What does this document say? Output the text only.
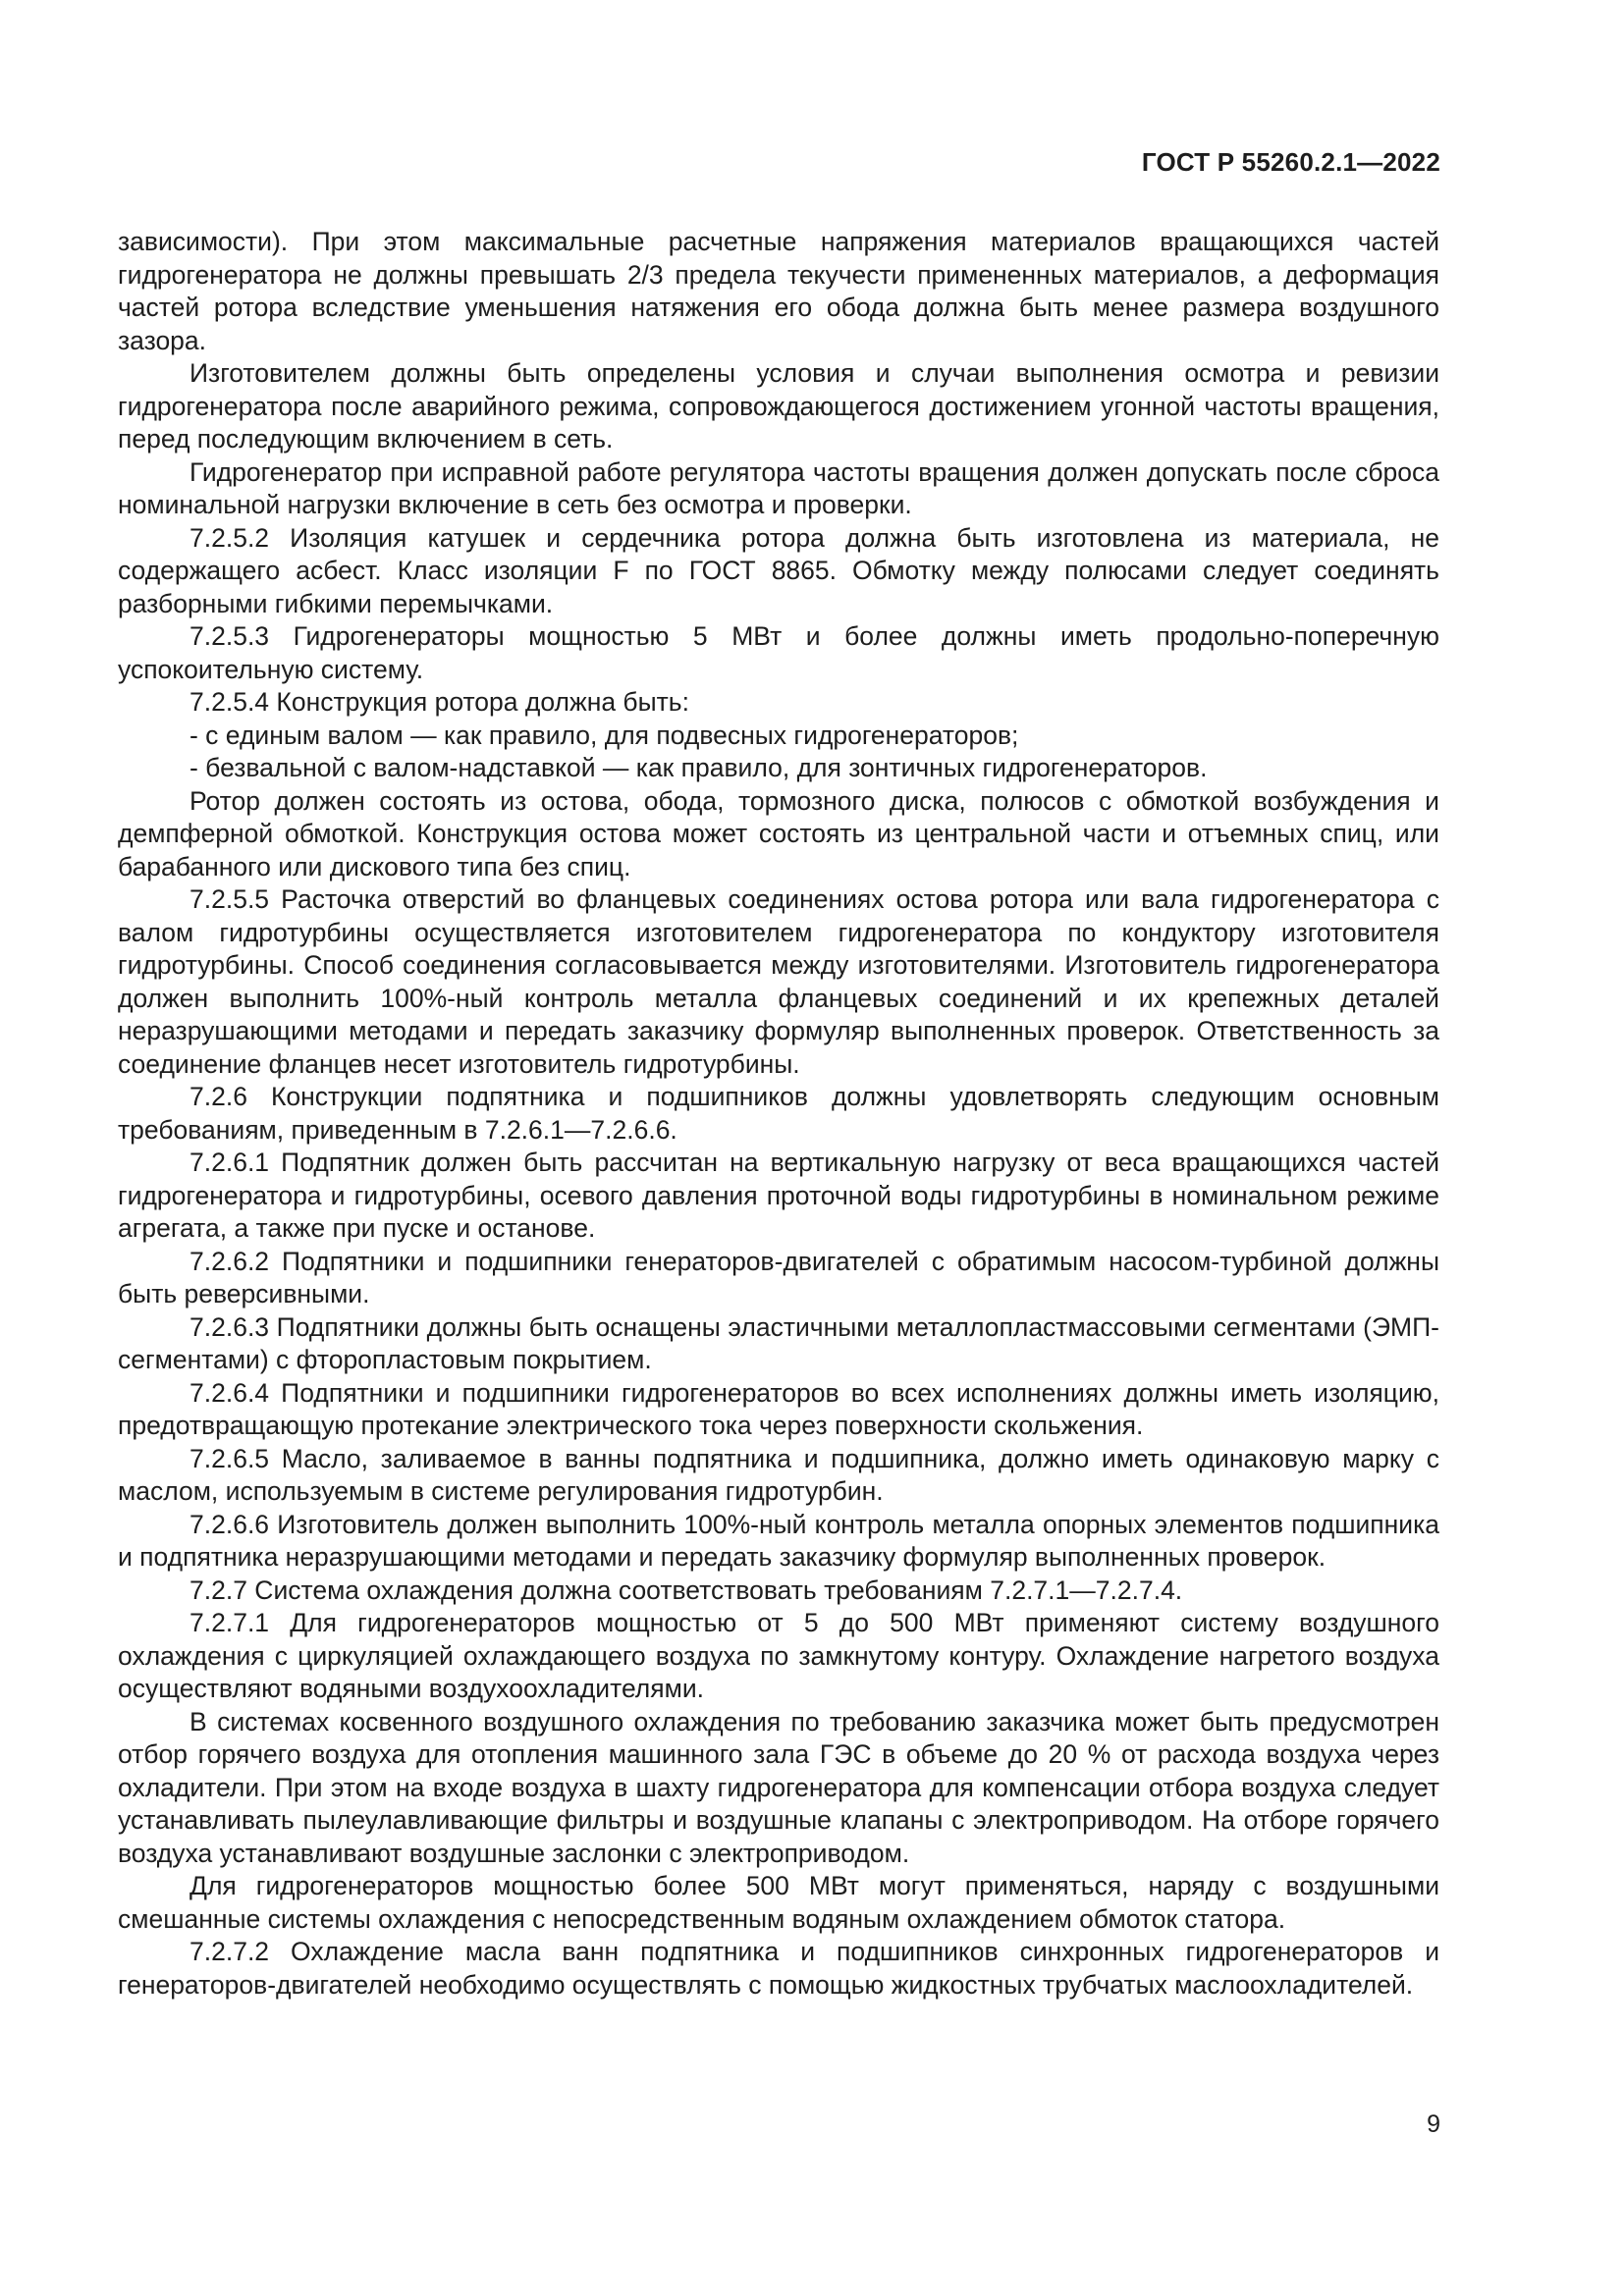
ГОСТ Р 55260.2.1—2022

зависимости). При этом максимальные расчетные напряжения материалов вращающихся частей гидрогенератора не должны превышать 2/3 предела текучести примененных материалов, а деформация частей ротора вследствие уменьшения натяжения его обода должна быть менее размера воздушного зазора.

Изготовителем должны быть определены условия и случаи выполнения осмотра и ревизии гидрогенератора после аварийного режима, сопровождающегося достижением угонной частоты вращения, перед последующим включением в сеть.

Гидрогенератор при исправной работе регулятора частоты вращения должен допускать после сброса номинальной нагрузки включение в сеть без осмотра и проверки.

7.2.5.2 Изоляция катушек и сердечника ротора должна быть изготовлена из материала, не содержащего асбест. Класс изоляции F по ГОСТ 8865. Обмотку между полюсами следует соединять разборными гибкими перемычками.

7.2.5.3 Гидрогенераторы мощностью 5 МВт и более должны иметь продольно-поперечную успокоительную систему.

7.2.5.4 Конструкция ротора должна быть:

- с единым валом — как правило, для подвесных гидрогенераторов;

- безвальной с валом-надставкой — как правило, для зонтичных гидрогенераторов.

Ротор должен состоять из остова, обода, тормозного диска, полюсов с обмоткой возбуждения и демпферной обмоткой. Конструкция остова может состоять из центральной части и отъемных спиц, или барабанного или дискового типа без спиц.

7.2.5.5 Расточка отверстий во фланцевых соединениях остова ротора или вала гидрогенератора с валом гидротурбины осуществляется изготовителем гидрогенератора по кондуктору изготовителя гидротурбины. Способ соединения согласовывается между изготовителями. Изготовитель гидрогенератора должен выполнить 100%-ный контроль металла фланцевых соединений и их крепежных деталей неразрушающими методами и передать заказчику формуляр выполненных проверок. Ответственность за соединение фланцев несет изготовитель гидротурбины.

7.2.6 Конструкции подпятника и подшипников должны удовлетворять следующим основным требованиям, приведенным в 7.2.6.1—7.2.6.6.

7.2.6.1 Подпятник должен быть рассчитан на вертикальную нагрузку от веса вращающихся частей гидрогенератора и гидротурбины, осевого давления проточной воды гидротурбины в номинальном режиме агрегата, а также при пуске и останове.

7.2.6.2 Подпятники и подшипники генераторов-двигателей с обратимым насосом-турбиной должны быть реверсивными.

7.2.6.3 Подпятники должны быть оснащены эластичными металлопластмассовыми сегментами (ЭМП-сегментами) с фторопластовым покрытием.

7.2.6.4 Подпятники и подшипники гидрогенераторов во всех исполнениях должны иметь изоляцию, предотвращающую протекание электрического тока через поверхности скольжения.

7.2.6.5 Масло, заливаемое в ванны подпятника и подшипника, должно иметь одинаковую марку с маслом, используемым в системе регулирования гидротурбин.

7.2.6.6 Изготовитель должен выполнить 100%-ный контроль металла опорных элементов подшипника и подпятника неразрушающими методами и передать заказчику формуляр выполненных проверок.

7.2.7 Система охлаждения должна соответствовать требованиям 7.2.7.1—7.2.7.4.

7.2.7.1 Для гидрогенераторов мощностью от 5 до 500 МВт применяют систему воздушного охлаждения с циркуляцией охлаждающего воздуха по замкнутому контуру. Охлаждение нагретого воздуха осуществляют водяными воздухоохладителями.

В системах косвенного воздушного охлаждения по требованию заказчика может быть предусмотрен отбор горячего воздуха для отопления машинного зала ГЭС в объеме до 20 % от расхода воздуха через охладители. При этом на входе воздуха в шахту гидрогенератора для компенсации отбора воздуха следует устанавливать пылеулавливающие фильтры и воздушные клапаны с электроприводом. На отборе горячего воздуха устанавливают воздушные заслонки с электроприводом.

Для гидрогенераторов мощностью более 500 МВт могут применяться, наряду с воздушными смешанные системы охлаждения с непосредственным водяным охлаждением обмоток статора.

7.2.7.2 Охлаждение масла ванн подпятника и подшипников синхронных гидрогенераторов и генераторов-двигателей необходимо осуществлять с помощью жидкостных трубчатых маслоохладителей.

9
